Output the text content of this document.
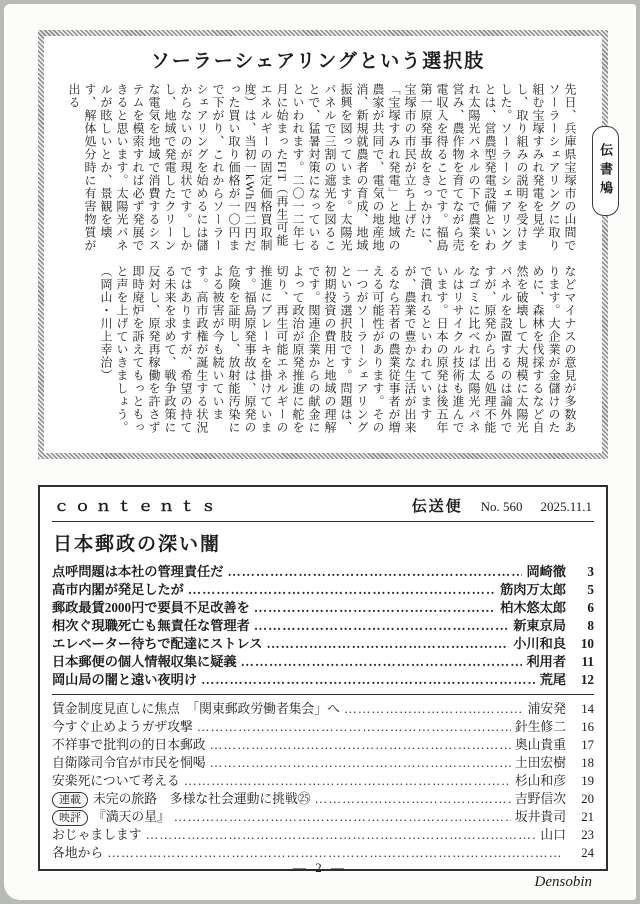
ソーラーシェアリングという選択肢
先日、兵庫県宝塚市の山間でソーラーシェアリングに取り組む宝塚すみれ発電を見学し、取り組みの説明を受けました。ソーラーシェアリングとは、営農型発電設備といわれ太陽光パネルの下で農業を営み、農作物を育てながら売電収入を得ることです。福島第一原発事故をきっかけに、宝塚市の市民が立ち上げた「宝塚すみれ発電」と地域の農家が共同で、電気の地産地消、新規就農者の育成、地域振興を図っています。太陽光パネルで三割の遮光を図ることで、猛暑対策になっているといわれます。二〇一二年七月に始まったFIT（再生可能エネルギーの固定価格買取制度）は、当初一kWh四二円だった買い取り価格が一〇円まで下がり、これからソーラーシェアリングを始めるには儲からないのが現状です。しかし、地域で発電したクリーンな電気を地域で消費するシステムを模索すれば必ず発展できると思います。太陽光パネルが眩しいとか、景観を壊す、解体処分時に有害物質が出る
などマイナスの意見が多数あります。大企業が金儲けのために、森林を伐採するなど自然を破壊して大規模に太陽光パネルを設置するのは論外ですが、原発から出る処理不能なゴミに比べれば太陽光パネルはリサイクル技術も進んでいます。日本の原発は後五年で潰れるといわれていますが、農業で豊かな生活が出来るなら若者の農業従事者が増える可能性があります。その一つがソーラーシェアリングという選択肢です。問題は、初期投資の費用と地域の理解です。関連企業からの献金によって政治が原発推進に舵を切り、再生可能エネルギーの推進にブレーキを掛けています。福島原発事故は、原発の危険を証明し、放射能汚染による被害が今も続いています。高市政権が誕生する状況ではありますが、希望の持てる未来を求めて、戦争政策に反対し、原発再稼働を許さず即時廃炉を訴えてもっともっと声を上げていきましょう。（岡山・川上幸治）
伝書鳩
ｃｏｎｔｅｎｔｓ	伝送便 No. 560 2025.11.1
日本郵政の深い闇
点呼問題は本社の管理責任だ ………………………………………………………………………………………………	岡崎徹	3
高市内閣が発足したが ………………………………………………………………………………………………	筋肉万太郎	5
郵政最賃2000円で要員不足改善を ………………………………………………………………………………………………	柏木悠太郎	6
相次ぐ現職死亡も無責任な管理者 ………………………………………………………………………………………………	新東京局	8
エレベーター待ちで配達にストレス ………………………………………………………………………………………………	小川和良	10
日本郵便の個人情報収集に疑義 ………………………………………………………………………………………………	利用者	11
岡山局の闇と遠い夜明け ………………………………………………………………………………………………	荒尾	12
賃金制度見直しに焦点　「関東郵政労働者集会」へ ………………………………………………………………………………………………	浦安発	14
今すぐ止めようガザ攻撃 ………………………………………………………………………………………………	針生修二	16
不祥事で批判の的日本郵政 ………………………………………………………………………………………………	奥山貴重	17
自衛隊司令官が市民を恫喝 ………………………………………………………………………………………………	土田宏樹	18
安楽死について考える ………………………………………………………………………………………………	杉山和彦	19
連載 未完の旅路　多様な社会運動に挑戦㉕ ………………………………………………………………………………………………	吉野信次	20
映評 『満天の星』 ………………………………………………………………………………………………	坂井貴司	21
おじゃまします ………………………………………………………………………………………………	山口	23
各地から ………………………………………………………………………………………………	24
— 2 —
Densobin
